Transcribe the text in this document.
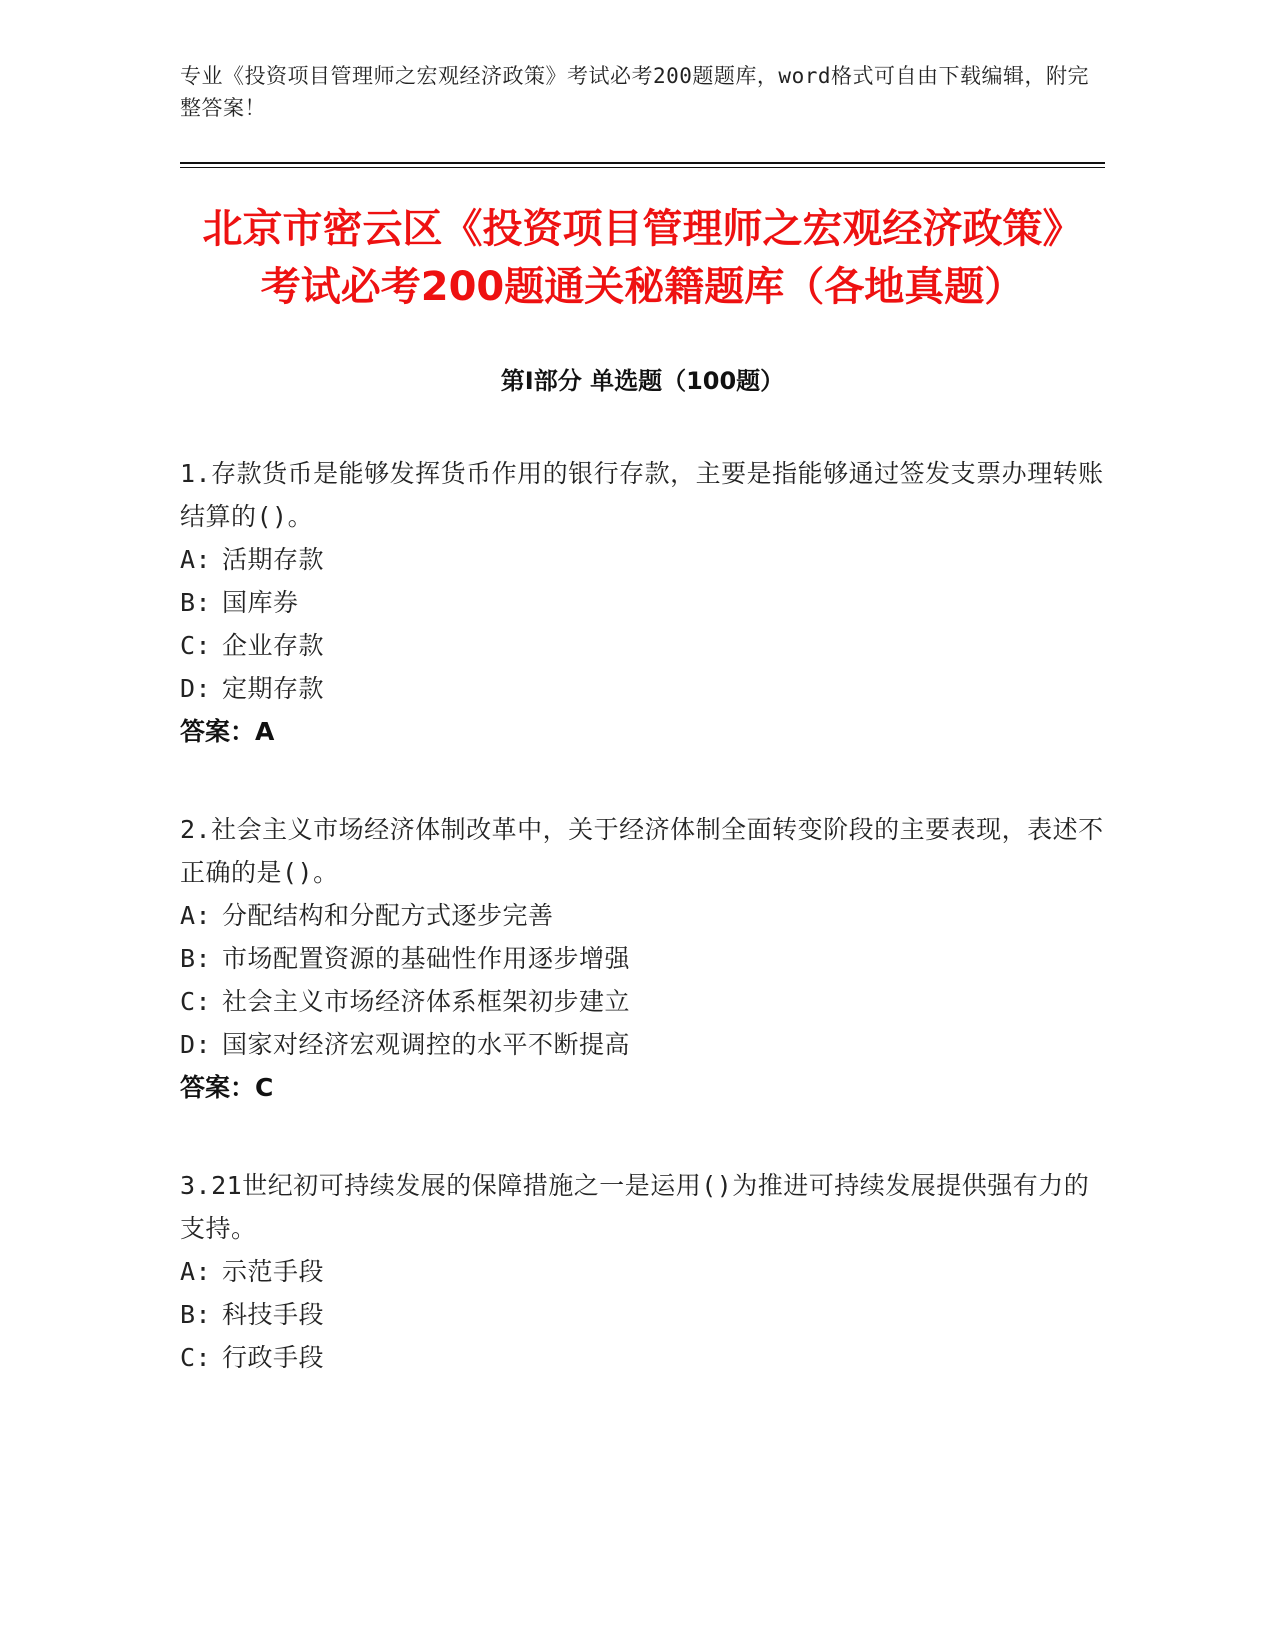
专业《投资项目管理师之宏观经济政策》考试必考200题题库，word格式可自由下载编辑，附完整答案！
北京市密云区《投资项目管理师之宏观经济政策》考试必考200题通关秘籍题库（各地真题）
第Ⅰ部分 单选题（100题）
1.存款货币是能够发挥货币作用的银行存款，主要是指能够通过签发支票办理转账结算的()。
A: 活期存款
B: 国库券
C: 企业存款
D: 定期存款
答案：A
2.社会主义市场经济体制改革中，关于经济体制全面转变阶段的主要表现，表述不正确的是()。
A: 分配结构和分配方式逐步完善
B: 市场配置资源的基础性作用逐步增强
C: 社会主义市场经济体系框架初步建立
D: 国家对经济宏观调控的水平不断提高
答案：C
3.21世纪初可持续发展的保障措施之一是运用()为推进可持续发展提供强有力的支持。
A: 示范手段
B: 科技手段
C: 行政手段
